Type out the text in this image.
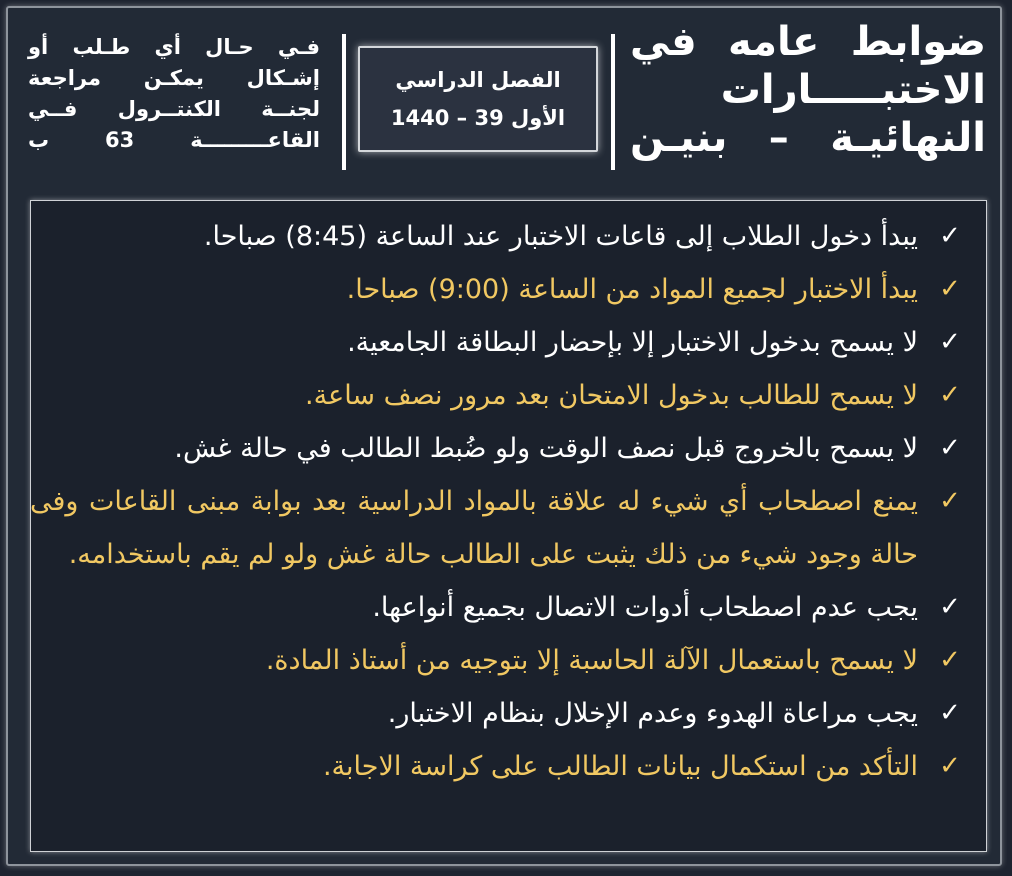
ضوابط عامه في
الاختبـــــارات
النهائيـة – بنيـن
الفصل الدراسي
الأول 39 – 1440
فـي حـال أي طـلب أو
إشـكال يمكـن مراجعة
لجنــة الكنتــرول فــي
القاعـــــــــة 63 ب
✓
يبدأ دخول الطلاب إلى قاعات الاختبار عند الساعة (8:45) صباحا.
✓
يبدأ الاختبار لجميع المواد من الساعة (9:00) صباحا.
✓
لا يسمح بدخول الاختبار إلا بإحضار البطاقة الجامعية.
✓
لا يسمح للطالب بدخول الامتحان بعد مرور نصف ساعة.
✓
لا يسمح بالخروج قبل نصف الوقت ولو ضُبط الطالب في حالة غش.
✓
يمنع اصطحاب أي شيء له علاقة بالمواد الدراسية بعد بوابة مبنى القاعات وفى حالة وجود شيء من ذلك يثبت على الطالب حالة غش ولو لم يقم باستخدامه.
✓
يجب عدم اصطحاب أدوات الاتصال بجميع أنواعها.
✓
لا يسمح باستعمال الآلة الحاسبة إلا بتوجيه من أستاذ المادة.
✓
يجب مراعاة الهدوء وعدم الإخلال بنظام الاختبار.
✓
التأكد من استكمال بيانات الطالب على كراسة الاجابة.
